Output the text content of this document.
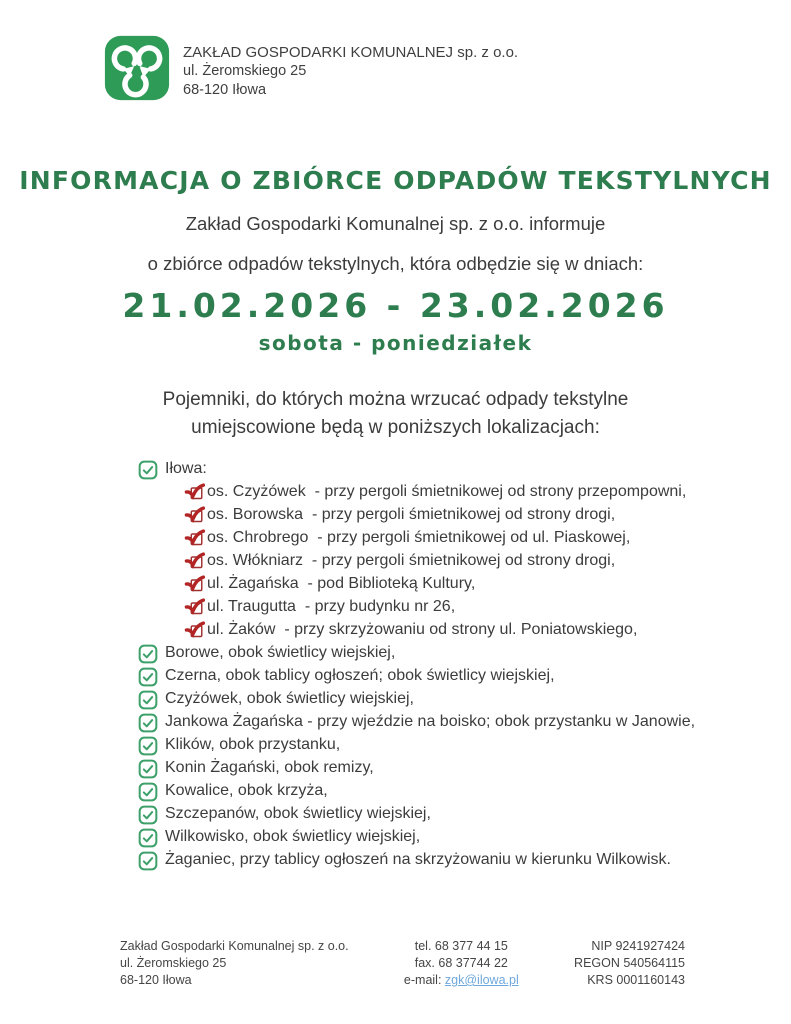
ZAKŁAD GOSPODARKI KOMUNALNEJ sp. z o.o.
ul. Żeromskiego 25
68-120 Iłowa
INFORMACJA O ZBIÓRCE ODPADÓW TEKSTYLNYCH
Zakład Gospodarki Komunalnej sp. z o.o. informuje
o zbiórce odpadów tekstylnych, która odbędzie się w dniach:
21.02.2026 - 23.02.2026
sobota - poniedziałek
Pojemniki, do których można wrzucać odpady tekstylne
umiejscowione będą w poniższych lokalizacjach:
Iłowa:
os. Czyżówek  - przy pergoli śmietnikowej od strony przepompowni,
os. Borowska  - przy pergoli śmietnikowej od strony drogi,
os. Chrobrego  - przy pergoli śmietnikowej od ul. Piaskowej,
os. Włókniarz  - przy pergoli śmietnikowej od strony drogi,
ul. Żagańska  - pod Biblioteką Kultury,
ul. Traugutta  - przy budynku nr 26,
ul. Żaków  - przy skrzyżowaniu od strony ul. Poniatowskiego,
Borowe, obok świetlicy wiejskiej,
Czerna, obok tablicy ogłoszeń; obok świetlicy wiejskiej,
Czyżówek, obok świetlicy wiejskiej,
Jankowa Żagańska - przy wjeździe na boisko; obok przystanku w Janowie,
Klików, obok przystanku,
Konin Żagański, obok remizy,
Kowalice, obok krzyża,
Szczepanów, obok świetlicy wiejskiej,
Wilkowisko, obok świetlicy wiejskiej,
Żaganiec, przy tablicy ogłoszeń na skrzyżowaniu w kierunku Wilkowisk.
Zakład Gospodarki Komunalnej sp. z o.o.
ul. Żeromskiego 25
68-120 Iłowa
tel. 68 377 44 15
fax. 68 37744 22
e-mail: zgk@ilowa.pl
NIP 9241927424
REGON 540564115
KRS 0001160143
